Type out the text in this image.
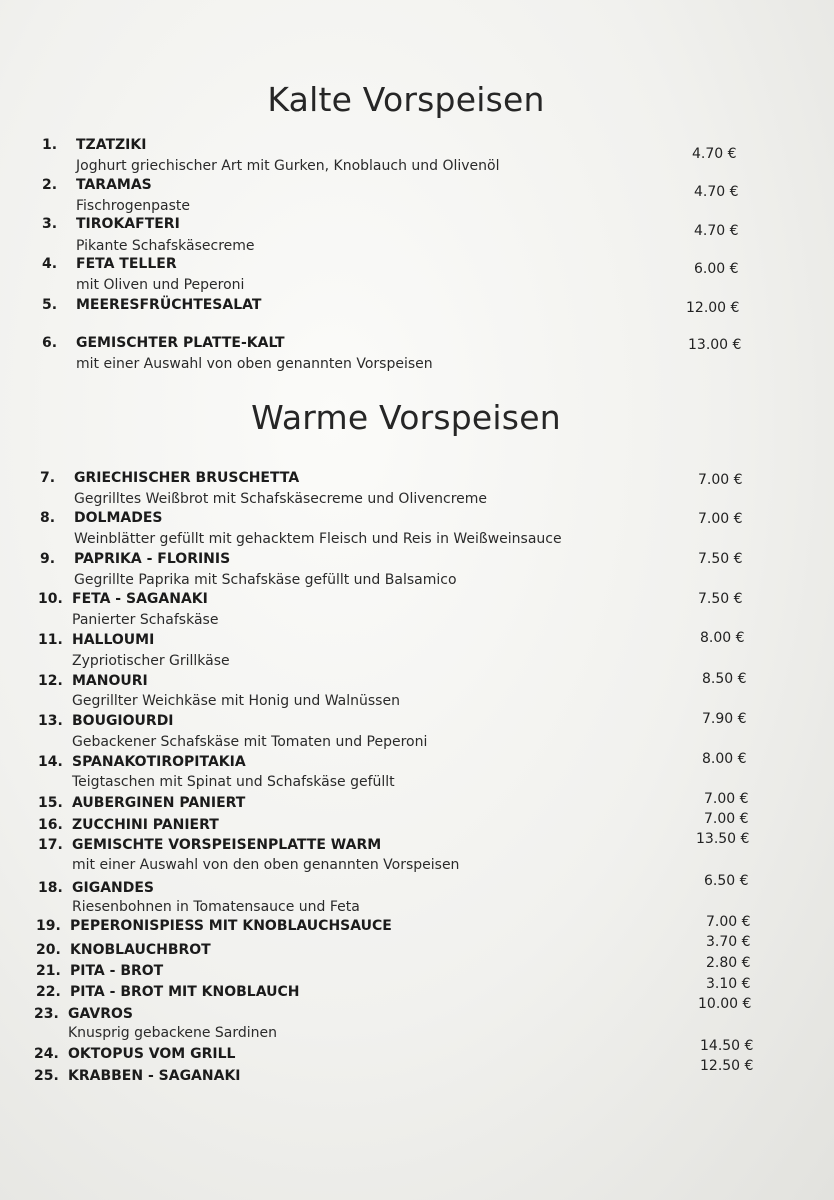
Kalte Vorspeisen
Warme Vorspeisen
1.	TZATZIKI
Joghurt griechischer Art mit Gurken, Knoblauch und Olivenöl
4.70 €
2.	TARAMAS
Fischrogenpaste
4.70 €
3.	TIROKAFTERI
Pikante Schafskäsecreme
4.70 €
4.	FETA TELLER
mit Oliven und Peperoni
6.00 €
5.	MEERESFRÜCHTESALAT	12.00 €
6.	GEMISCHTER PLATTE-KALT
mit einer Auswahl von oben genannten Vorspeisen
13.00 €
7.	GRIECHISCHER BRUSCHETTA
Gegrilltes Weißbrot mit Schafskäsecreme und Olivencreme
7.00 €
8.	DOLMADES
Weinblätter gefüllt mit gehacktem Fleisch und Reis in Weißweinsauce
7.00 €
9.	PAPRIKA - FLORINIS
Gegrillte Paprika mit Schafskäse gefüllt und Balsamico
7.50 €
10. FETA - SAGANAKI
Panierter Schafskäse
7.50 €
11. HALLOUMI
Zypriotischer Grillkäse
8.00 €
12. MANOURI
Gegrillter Weichkäse mit Honig und Walnüssen
8.50 €
13. BOUGIOURDI
Gebackener Schafskäse mit Tomaten und Peperoni
7.90 €
14. SPANAKOTIROPITAKIA
Teigtaschen mit Spinat und Schafskäse gefüllt
8.00 €
15. AUBERGINEN PANIERT	7.00 €
16. ZUCCHINI PANIERT	7.00 €
17. GEMISCHTE VORSPEISENPLATTE WARM
mit einer Auswahl von den oben genannten Vorspeisen
13.50 €
18. GIGANDES
Riesenbohnen in Tomatensauce und Feta
6.50 €
19. PEPERONISPIESS MIT KNOBLAUCHSAUCE	7.00 €
20. KNOBLAUCHBROT	3.70 €
21. PITA - BROT	2.80 €
22. PITA - BROT MIT KNOBLAUCH	3.10 €
23. GAVROS
Knusprig gebackene Sardinen
10.00 €
24. OKTOPUS VOM GRILL	14.50 €
25. KRABBEN - SAGANAKI
12.50 €
